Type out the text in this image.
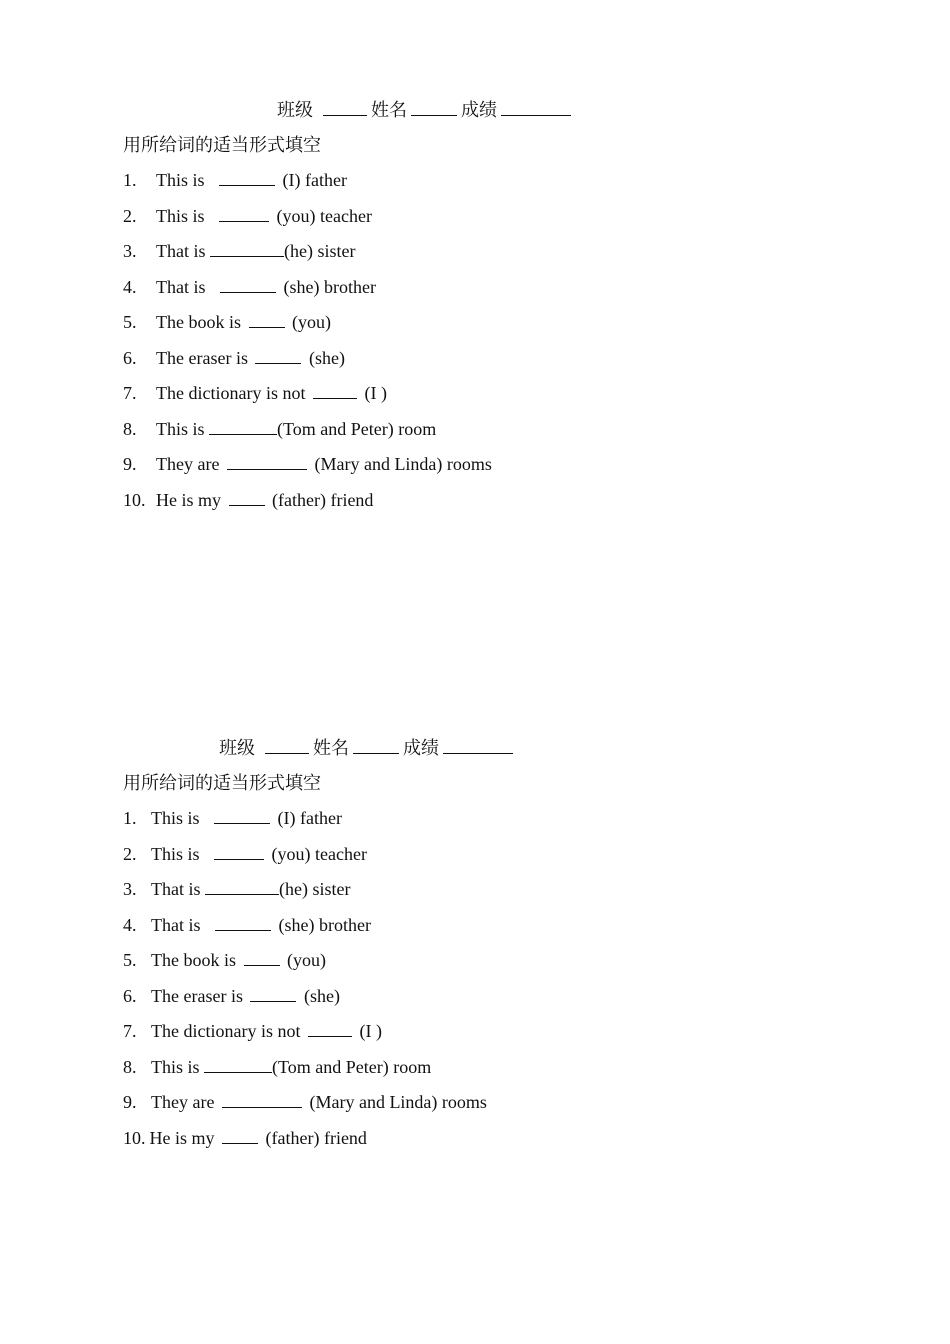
班级	姓名	成绩
用所给词的适当形式填空
1. This is	(I) father
2. This is	(you) teacher
3. That is	(he) sister
4. That is	(she) brother
5. The book is	(you)
6. The eraser is	(she)
7. The dictionary is not	(I )
8. This is	(Tom and Peter) room
9. They are	(Mary and Linda) rooms
10. He is my	(father) friend
班级	姓名	成绩
用所给词的适当形式填空
1. This is	(I) father
2. This is	(you) teacher
3. That is	(he) sister
4. That is	(she) brother
5. The book is	(you)
6. The eraser is	(she)
7. The dictionary is not	(I )
8. This is	(Tom and Peter) room
9. They are	(Mary and Linda) rooms
10. He is my	(father) friend
